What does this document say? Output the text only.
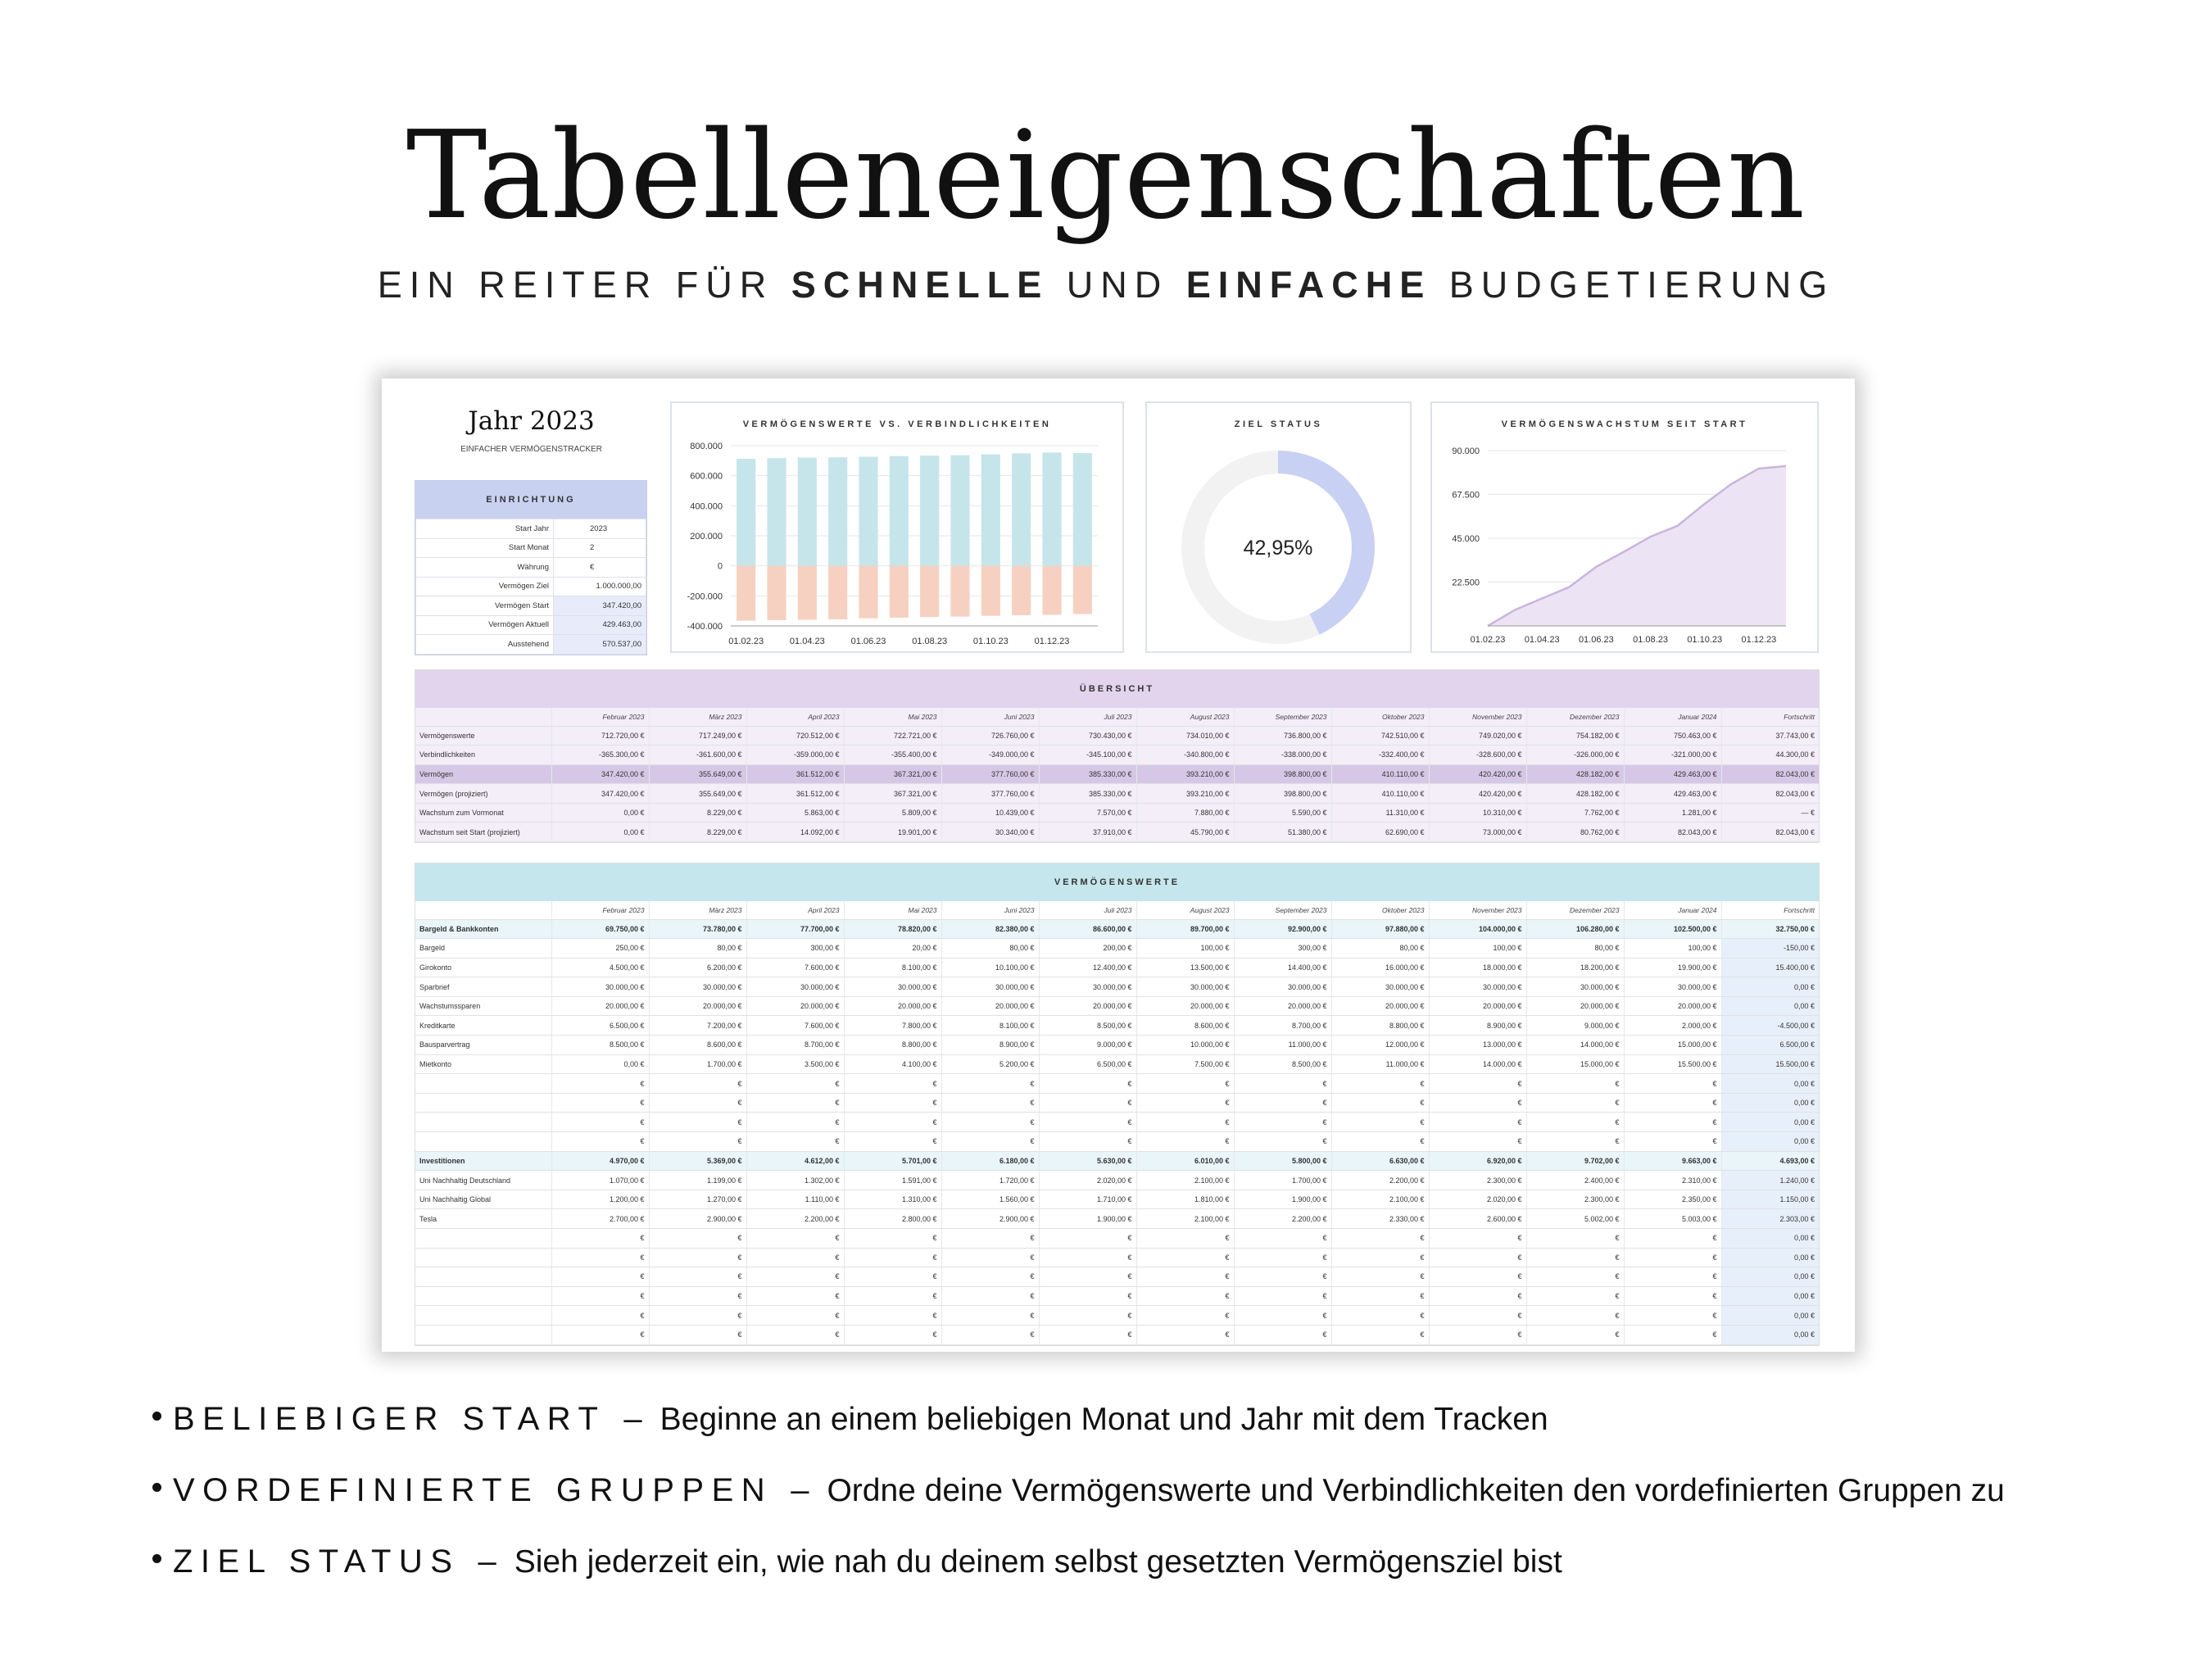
Tabelleneigenschaften
EIN REITER FÜR SCHNELLE UND EINFACHE BUDGETIERUNG
Jahr 2023
EINFACHER VERMÖGENSTRACKER
EINRICHTUNG
Start Jahr	2023
Start Monat	2
Währung	€
Vermögen Ziel	1.000.000,00
Vermögen Start	347.420,00
Vermögen Aktuell	429.463,00
Ausstehend	570.537,00
VERMÖGENSWERTE VS. VERBINDLICHKEITEN
800.000
600.000
400.000
200.000
0
-200.000
-400.000
01.02.23	01.04.23	01.06.23	01.08.23	01.10.23	01.12.23
ZIEL STATUS
42,95%
VERMÖGENSWACHSTUM SEIT START
90.000
67.500
45.000
22.500
01.02.23 01.04.23 01.06.23 01.08.23 01.10.23 01.12.23
ÜBERSICHT
	Februar 2023	März 2023	April 2023	Mai 2023	Juni 2023	Juli 2023	August 2023	September 2023	Oktober 2023	November 2023	Dezember 2023	Januar 2024	Fortschritt
Vermögenswerte	712.720,00 €	717.249,00 €	720.512,00 €	722.721,00 €	726.760,00 €	730.430,00 €	734.010,00 €	736.800,00 €	742.510,00 €	749.020,00 €	754.182,00 €	750.463,00 €	37.743,00 €
Verbindlichkeiten	-365.300,00 €	-361.600,00 €	-359.000,00 €	-355.400,00 €	-349.000,00 €	-345.100,00 €	-340.800,00 €	-338.000,00 €	-332.400,00 €	-328.600,00 €	-326.000,00 €	-321.000,00 €	44.300,00 €
Vermögen	347.420,00 €	355.649,00 €	361.512,00 €	367.321,00 €	377.760,00 €	385.330,00 €	393.210,00 €	398.800,00 €	410.110,00 €	420.420,00 €	428.182,00 €	429.463,00 €	82.043,00 €
Vermögen (projiziert)	347.420,00 €	355.649,00 €	361.512,00 €	367.321,00 €	377.760,00 €	385.330,00 €	393.210,00 €	398.800,00 €	410.110,00 €	420.420,00 €	428.182,00 €	429.463,00 €	82.043,00 €
Wachstum zum Vormonat	0,00 €	8.229,00 €	5.863,00 €	5.809,00 €	10.439,00 €	7.570,00 €	7.880,00 €	5.590,00 €	11.310,00 €	10.310,00 €	7.762,00 €	1.281,00 €	— €
Wachstum seit Start (projiziert)	0,00 €	8.229,00 €	14.092,00 €	19.901,00 €	30.340,00 €	37.910,00 €	45.790,00 €	51.380,00 €	62.690,00 €	73.000,00 €	80.762,00 €	82.043,00 €	82.043,00 €
VERMÖGENSWERTE
	Februar 2023	März 2023	April 2023	Mai 2023	Juni 2023	Juli 2023	August 2023	September 2023	Oktober 2023	November 2023	Dezember 2023	Januar 2024	Fortschritt
Bargeld & Bankkonten	69.750,00 €	73.780,00 €	77.700,00 €	78.820,00 €	82.380,00 €	86.600,00 €	89.700,00 €	92.900,00 €	97.880,00 €	104.000,00 €	106.280,00 €	102.500,00 €	32.750,00 €
Bargeld	250,00 €	80,00 €	300,00 €	20,00 €	80,00 €	200,00 €	100,00 €	300,00 €	80,00 €	100,00 €	80,00 €	100,00 €	-150,00 €
Girokonto	4.500,00 €	6.200,00 €	7.600,00 €	8.100,00 €	10.100,00 €	12.400,00 €	13.500,00 €	14.400,00 €	16.000,00 €	18.000,00 €	18.200,00 €	19.900,00 €	15.400,00 €
Sparbrief	30.000,00 €	30.000,00 €	30.000,00 €	30.000,00 €	30.000,00 €	30.000,00 €	30.000,00 €	30.000,00 €	30.000,00 €	30.000,00 €	30.000,00 €	30.000,00 €	0,00 €
Wachstumssparen	20.000,00 €	20.000,00 €	20.000,00 €	20.000,00 €	20.000,00 €	20.000,00 €	20.000,00 €	20.000,00 €	20.000,00 €	20.000,00 €	20.000,00 €	20.000,00 €	0,00 €
Kreditkarte	6.500,00 €	7.200,00 €	7.600,00 €	7.800,00 €	8.100,00 €	8.500,00 €	8.600,00 €	8.700,00 €	8.800,00 €	8.900,00 €	9.000,00 €	2.000,00 €	-4.500,00 €
Bausparvertrag	8.500,00 €	8.600,00 €	8.700,00 €	8.800,00 €	8.900,00 €	9.000,00 €	10.000,00 €	11.000,00 €	12.000,00 €	13.000,00 €	14.000,00 €	15.000,00 €	6.500,00 €
Mietkonto	0,00 €	1.700,00 €	3.500,00 €	4.100,00 €	5.200,00 €	6.500,00 €	7.500,00 €	8.500,00 €	11.000,00 €	14.000,00 €	15.000,00 €	15.500,00 €	15.500,00 €
	€	€	€	€	€	€	€	€	€	€	€	€	0,00 €
	€	€	€	€	€	€	€	€	€	€	€	€	0,00 €
	€	€	€	€	€	€	€	€	€	€	€	€	0,00 €
	€	€	€	€	€	€	€	€	€	€	€	€	0,00 €
Investitionen	4.970,00 €	5.369,00 €	4.612,00 €	5.701,00 €	6.180,00 €	5.630,00 €	6.010,00 €	5.800,00 €	6.630,00 €	6.920,00 €	9.702,00 €	9.663,00 €	4.693,00 €
Uni Nachhaltig Deutschland	1.070,00 €	1.199,00 €	1.302,00 €	1.591,00 €	1.720,00 €	2.020,00 €	2.100,00 €	1.700,00 €	2.200,00 €	2.300,00 €	2.400,00 €	2.310,00 €	1.240,00 €
Uni Nachhaltig Global	1.200,00 €	1.270,00 €	1.110,00 €	1.310,00 €	1.560,00 €	1.710,00 €	1.810,00 €	1.900,00 €	2.100,00 €	2.020,00 €	2.300,00 €	2.350,00 €	1.150,00 €
Tesla	2.700,00 €	2.900,00 €	2.200,00 €	2.800,00 €	2.900,00 €	1.900,00 €	2.100,00 €	2.200,00 €	2.330,00 €	2.600,00 €	5.002,00 €	5.003,00 €	2.303,00 €
	€	€	€	€	€	€	€	€	€	€	€	€	0,00 €
	€	€	€	€	€	€	€	€	€	€	€	€	0,00 €
	€	€	€	€	€	€	€	€	€	€	€	€	0,00 €
	€	€	€	€	€	€	€	€	€	€	€	€	0,00 €
	€	€	€	€	€	€	€	€	€	€	€	€	0,00 €
	€	€	€	€	€	€	€	€	€	€	€	€	0,00 €
BELIEBIGER START – Beginne an einem beliebigen Monat und Jahr mit dem Tracken
VORDEFINIERTE GRUPPEN – Ordne deine Vermögenswerte und Verbindlichkeiten den vordefinierten Gruppen zu
ZIEL STATUS – Sieh jederzeit ein, wie nah du deinem selbst gesetzten Vermögensziel bist
